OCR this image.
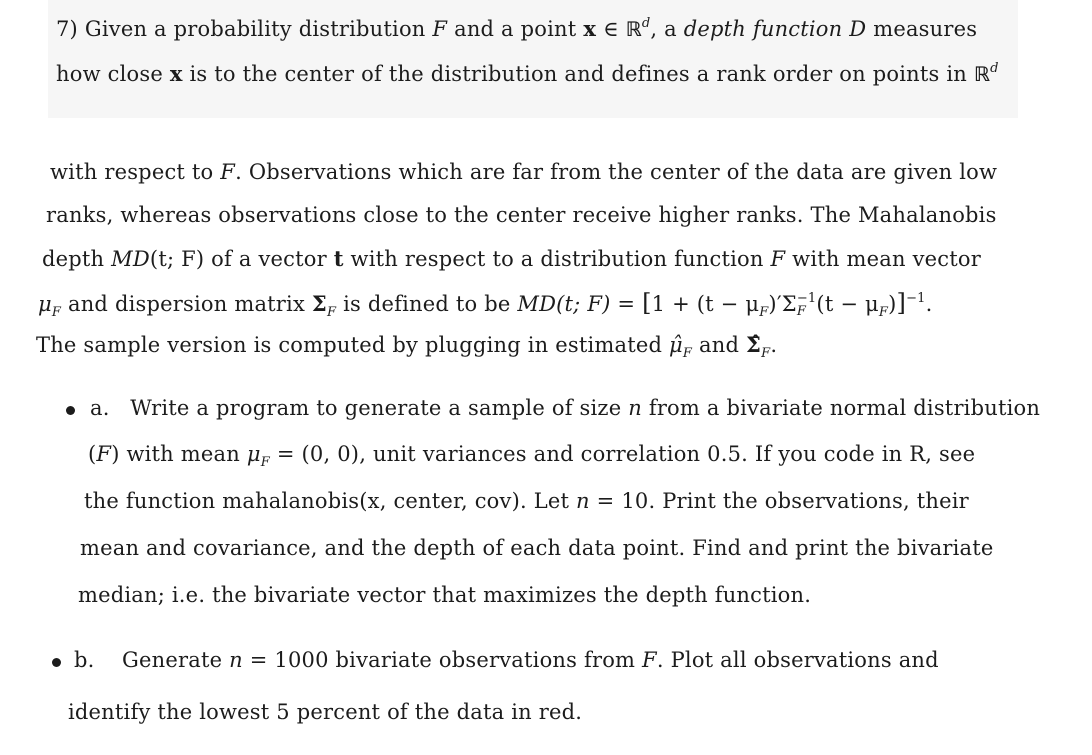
7) Given a probability distribution F and a point x ∈ ℝ$^d$, a depth function D measures
how close x is to the center of the distribution and defines a rank order on points in ℝ$^d$
with respect to F. Observations which are far from the center of the data are given low
ranks, whereas observations close to the center receive higher ranks. The Mahalanobis
depth MD(t; F) of a vector t with respect to a distribution function F with mean vector
$\mu_F$ and dispersion matrix $\Sigma_F$ is defined to be MD(t; $F) = [1 + (t - \mu_F)'\Sigma -1$
F $(t - \mu_F)]^{-1}$.
The sample version is computed by plugging in estimated $\mû_F$ and $\Sigmâ_F$.
a. Write a program to generate a sample of size n from a bivariate normal distribution
(F) with mean $\mu_F = (0$, 0), unit variances and correlation 0.5. If you code in R, see
the function mahalanobis(x, center, cov). Let n = 10. Print the observations, their
mean and covariance, and the depth of each data point. Find and print the bivariate
median; i.e. the bivariate vector that maximizes the depth function.
b. Generate n = 1000 bivariate observations from F. Plot all observations and
identify the lowest 5 percent of the data in red.
